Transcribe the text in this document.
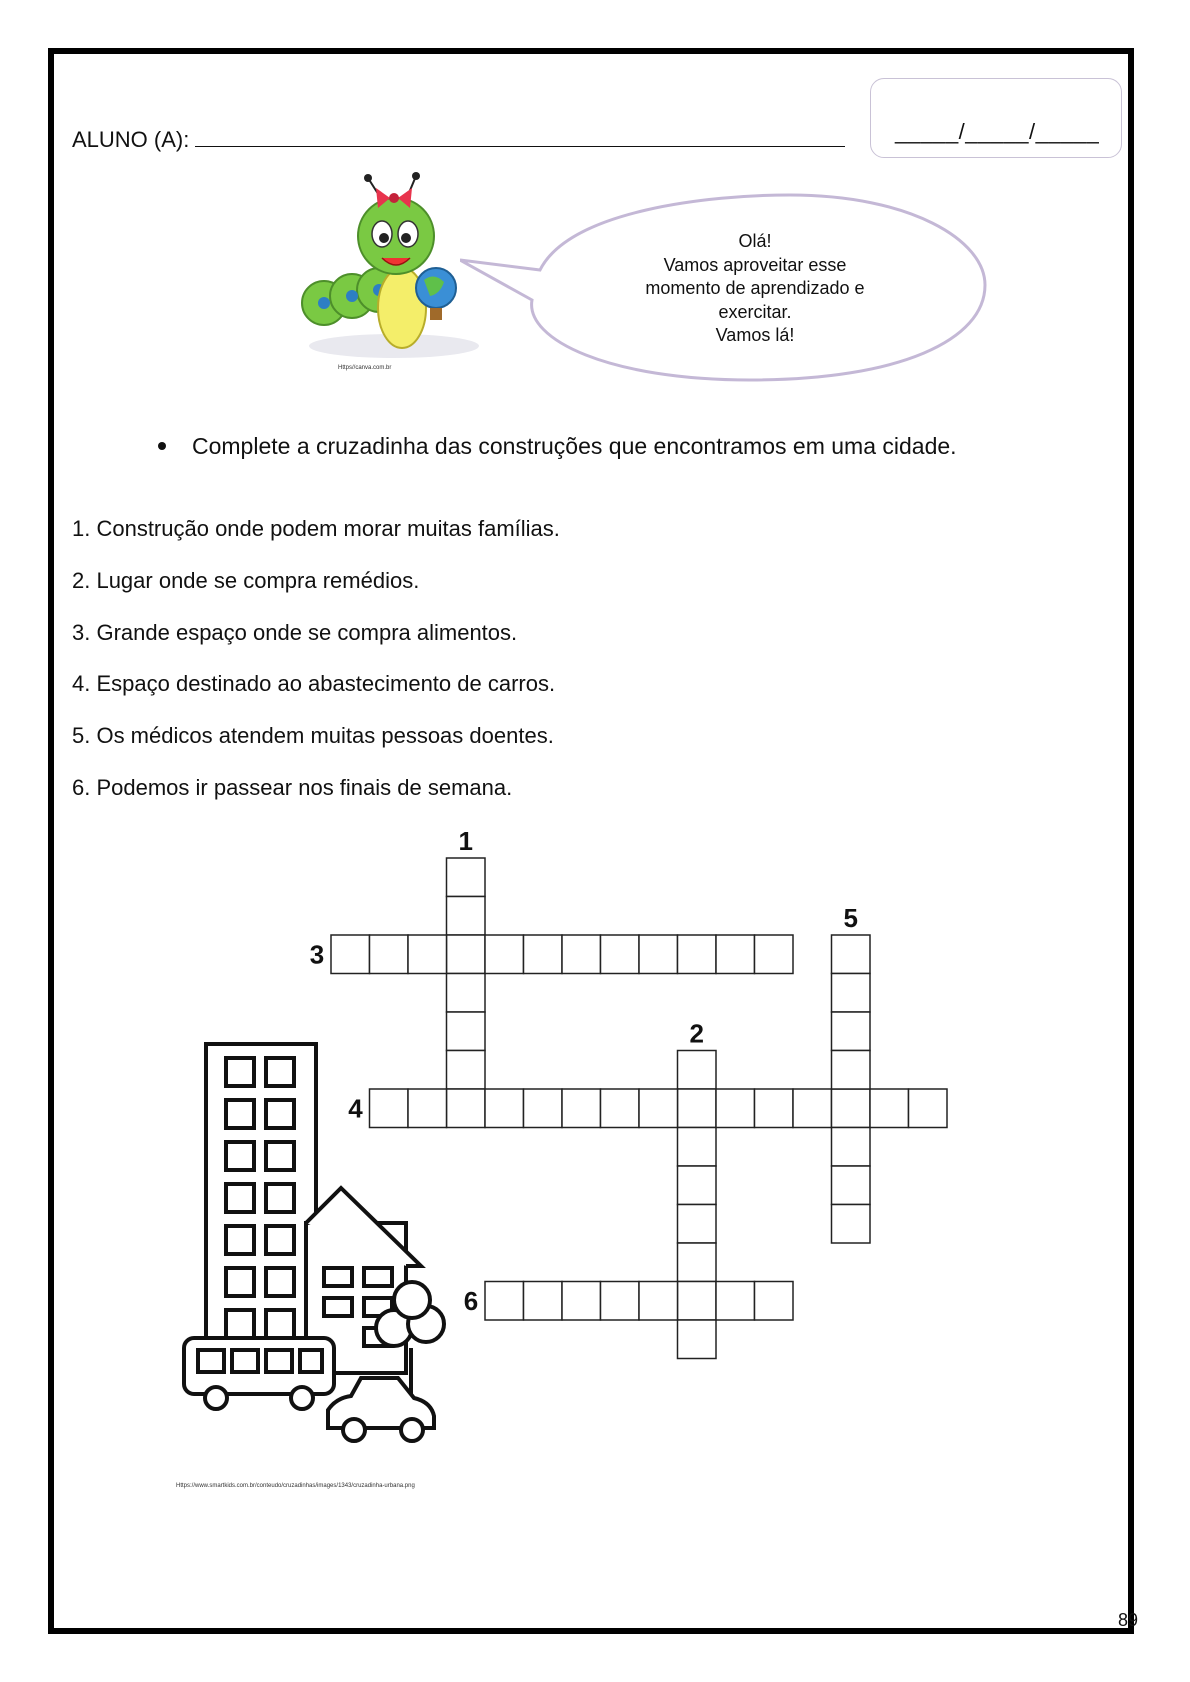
ALUNO (A):	_____/_____/_____
Https//canva.com.br
Olá!
Vamos aproveitar esse
momento de aprendizado e
exercitar.
Vamos lá!
Complete a cruzadinha das construções que encontramos em uma cidade.
1. Construção onde podem morar muitas famílias.
2. Lugar onde se compra remédios.
3. Grande espaço onde se compra alimentos.
4. Espaço destinado ao abastecimento de carros.
5. Os médicos atendem muitas pessoas doentes.
6. Podemos ir passear nos finais de semana.
Https://www.smartkids.com.br/conteudo/cruzadinhas/images/1343/cruzadinha-urbana.png
1
2
3
4
5
6
89
